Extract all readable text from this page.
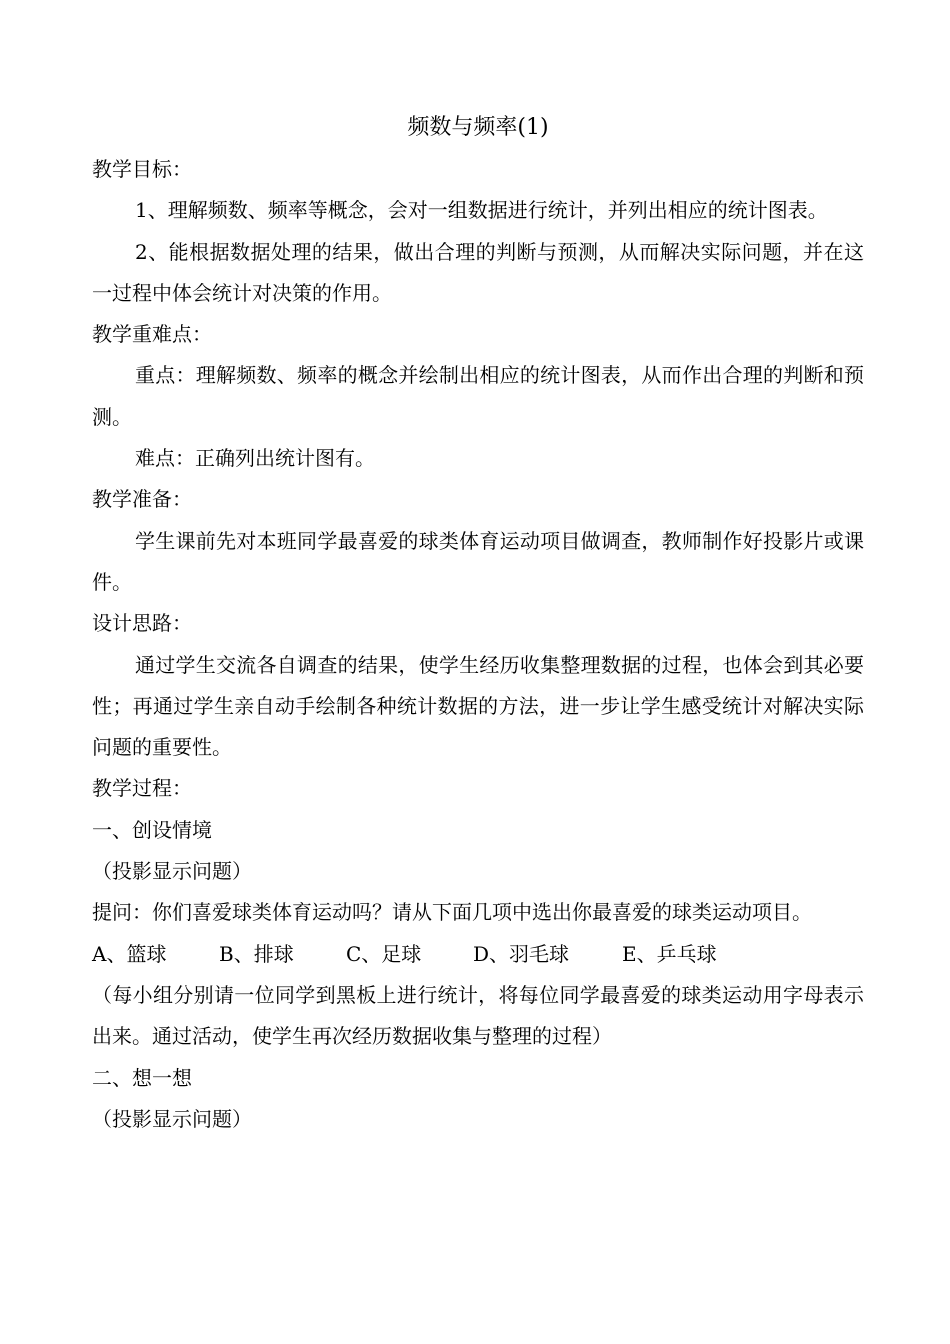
频数与频率(1)

教学目标：

1、理解频数、频率等概念，会对一组数据进行统计，并列出相应的统计图表。

2、能根据数据处理的结果，做出合理的判断与预测，从而解决实际问题，并在这一过程中体会统计对决策的作用。

教学重难点：

重点：理解频数、频率的概念并绘制出相应的统计图表，从而作出合理的判断和预测。

难点：正确列出统计图有。

教学准备：

学生课前先对本班同学最喜爱的球类体育运动项目做调查，教师制作好投影片或课件。

设计思路：

通过学生交流各自调查的结果，使学生经历收集整理数据的过程，也体会到其必要性；再通过学生亲自动手绘制各种统计数据的方法，进一步让学生感受统计对解决实际问题的重要性。

教学过程：

一、创设情境

（投影显示问题）

提问：你们喜爱球类体育运动吗？请从下面几项中选出你最喜爱的球类运动项目。

A、篮球	B、排球	C、足球	D、羽毛球	E、乒乓球

（每小组分别请一位同学到黑板上进行统计，将每位同学最喜爱的球类运动用字母表示出来。通过活动，使学生再次经历数据收集与整理的过程）

二、想一想

（投影显示问题）
